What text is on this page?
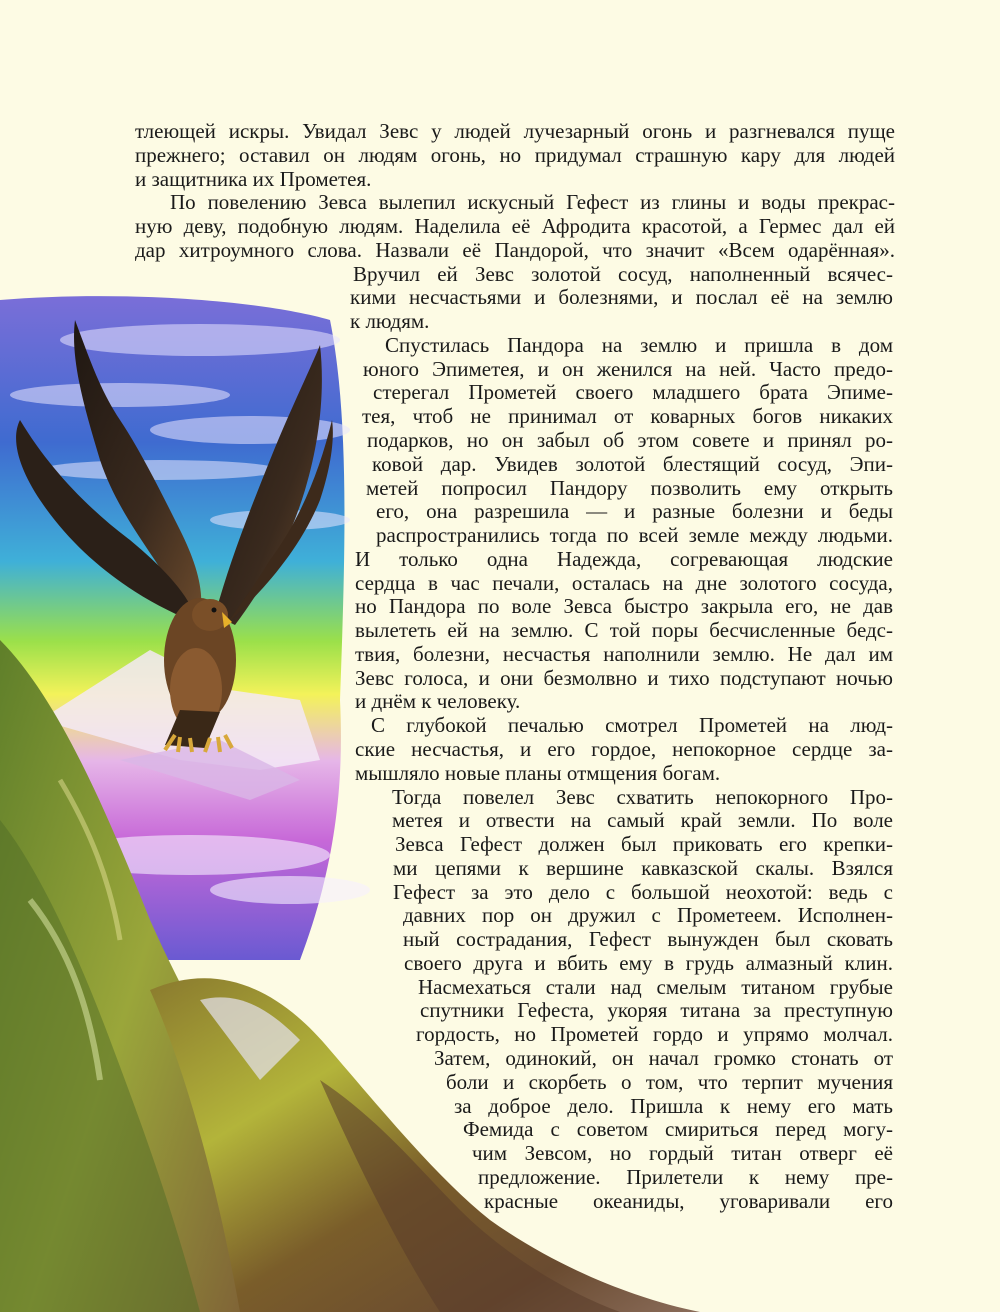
тлеющей искры. Увидал Зевс у людей лучезарный огонь и разгневался пуще
прежнего; оставил он людям огонь, но придумал страшную кару для людей
и защитника их Прометея.
По повелению Зевса вылепил искусный Гефест из глины и воды прекрас-
ную деву, подобную людям. Наделила её Афродита красотой, а Гермес дал ей
дар хитроумного слова. Назвали её Пандорой, что значит «Всем одарённая».
Вручил ей Зевс золотой сосуд, наполненный всячес-
кими несчастьями и болезнями, и послал её на землю
к людям.
Спустилась Пандора на землю и пришла в дом
юного Эпиметея, и он женился на ней. Часто предо-
стерегал Прометей своего младшего брата Эпиме-
тея, чтоб не принимал от коварных богов никаких
подарков, но он забыл об этом совете и принял ро-
ковой дар. Увидев золотой блестящий сосуд, Эпи-
метей попросил Пандору позволить ему открыть
его, она разрешила — и разные болезни и беды
распространились тогда по всей земле между людьми.
И только одна Надежда, согревающая людские
сердца в час печали, осталась на дне золотого сосуда,
но Пандора по воле Зевса быстро закрыла его, не дав
вылететь ей на землю. С той поры бесчисленные бедс-
твия, болезни, несчастья наполнили землю. Не дал им
Зевс голоса, и они безмолвно и тихо подступают ночью
и днём к человеку.
С глубокой печалью смотрел Прометей на люд-
ские несчастья, и его гордое, непокорное сердце за-
мышляло новые планы отмщения богам.
Тогда повелел Зевс схватить непокорного Про-
метея и отвести на самый край земли. По воле
Зевса Гефест должен был приковать его крепки-
ми цепями к вершине кавказской скалы. Взялся
Гефест за это дело с большой неохотой: ведь с
давних пор он дружил с Прометеем. Исполнен-
ный сострадания, Гефест вынужден был сковать
своего друга и вбить ему в грудь алмазный клин.
Насмехаться стали над смелым титаном грубые
спутники Гефеста, укоряя титана за преступную
гордость, но Прометей гордо и упрямо молчал.
Затем, одинокий, он начал громко стонать от
боли и скорбеть о том, что терпит мучения
за доброе дело. Пришла к нему его мать
Фемида с советом смириться перед могу-
чим Зевсом, но гордый титан отверг её
предложение. Прилетели к нему пре-
красные океаниды, уговаривали его
